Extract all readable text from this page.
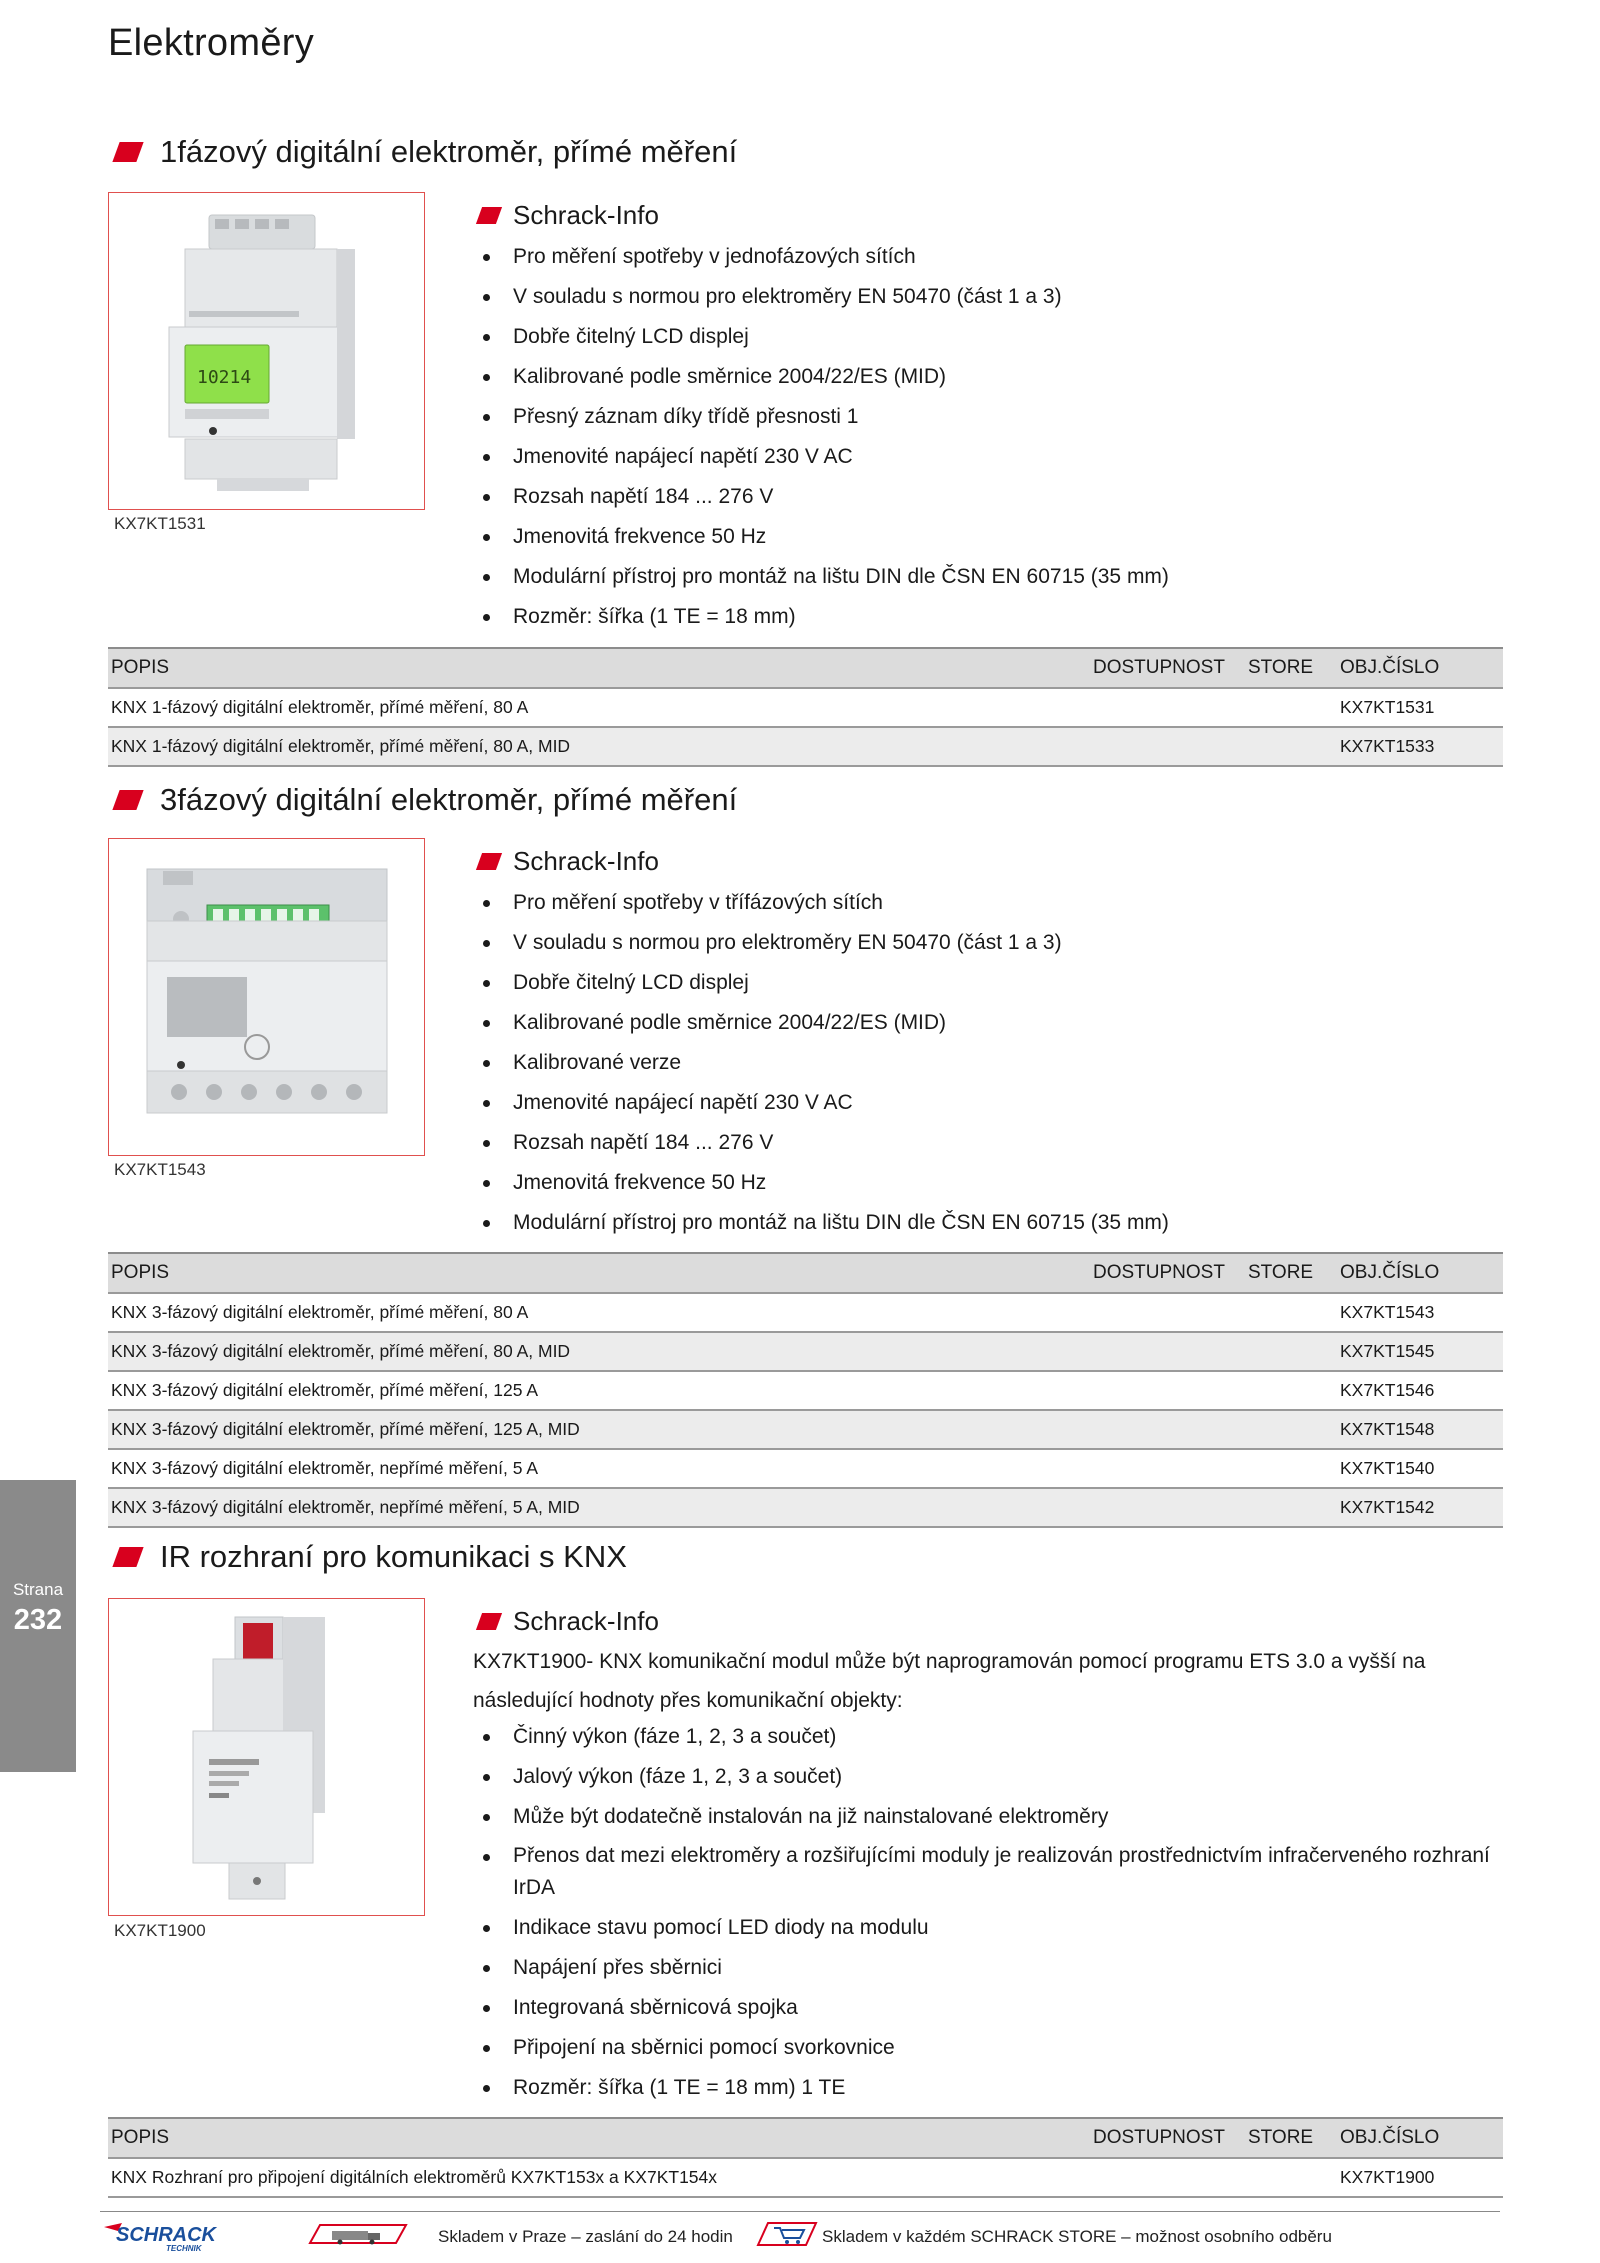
Elektroměry
1fázový digitální elektroměr, přímé měření
10214
KX7KT1531
Schrack-Info
Pro měření spotřeby v jednofázových sítích
V souladu s normou pro elektroměry EN 50470 (část 1 a 3)
Dobře čitelný LCD displej
Kalibrované podle směrnice 2004/22/ES (MID)
Přesný záznam díky třídě přesnosti 1
Jmenovité napájecí napětí 230 V AC
Rozsah napětí 184 ... 276 V
Jmenovitá frekvence 50 Hz
Modulární přístroj pro montáž na lištu DIN dle ČSN EN 60715 (35 mm)
Rozměr: šířka (1 TE = 18 mm)
POPIS	DOSTUPNOST STORE OBJ.ČÍSLO
KNX 1-fázový digitální elektroměr, přímé měření, 80 A	KX7KT1531
KNX 1-fázový digitální elektroměr, přímé měření, 80 A, MID	KX7KT1533
3fázový digitální elektroměr, přímé měření
KX7KT1543
Schrack-Info
Pro měření spotřeby v třífázových sítích
V souladu s normou pro elektroměry EN 50470 (část 1 a 3)
Dobře čitelný LCD displej
Kalibrované podle směrnice 2004/22/ES (MID)
Kalibrované verze
Jmenovité napájecí napětí 230 V AC
Rozsah napětí 184 ... 276 V
Jmenovitá frekvence 50 Hz
Modulární přístroj pro montáž na lištu DIN dle ČSN EN 60715 (35 mm)
POPIS	DOSTUPNOST STORE OBJ.ČÍSLO
KNX 3-fázový digitální elektroměr, přímé měření, 80 A	KX7KT1543
KNX 3-fázový digitální elektroměr, přímé měření, 80 A, MID	KX7KT1545
KNX 3-fázový digitální elektroměr, přímé měření, 125 A	KX7KT1546
KNX 3-fázový digitální elektroměr, přímé měření, 125 A, MID	KX7KT1548
KNX 3-fázový digitální elektroměr, nepřímé měření, 5 A	KX7KT1540
KNX 3-fázový digitální elektroměr, nepřímé měření, 5 A, MID	KX7KT1542
IR rozhraní pro komunikaci s KNX
KX7KT1900
Schrack-Info
KX7KT1900- KNX komunikační modul může být naprogramován pomocí programu ETS 3.0 a vyšší na následující hodnoty přes komunikační objekty:
Činný výkon (fáze 1, 2, 3 a součet)
Jalový výkon (fáze 1, 2, 3 a součet)
Může být dodatečně instalován na již nainstalované elektroměry
Přenos dat mezi elektroměry a rozšiřujícími moduly je realizován prostřednictvím infračerveného rozhraní IrDA
Indikace stavu pomocí LED diody na modulu
Napájení přes sběrnici
Integrovaná sběrnicová spojka
Připojení na sběrnici pomocí svorkovnice
Rozměr: šířka (1 TE = 18 mm) 1 TE
POPIS	DOSTUPNOST STORE OBJ.ČÍSLO
KNX Rozhraní pro připojení digitálních elektroměrů KX7KT153x a KX7KT154x	KX7KT1900
Strana
232
SCHRACK
TECHNIK
Skladem v Praze – zaslání do 24 hodin	Skladem v každém SCHRACK STORE – možnost osobního odběru
